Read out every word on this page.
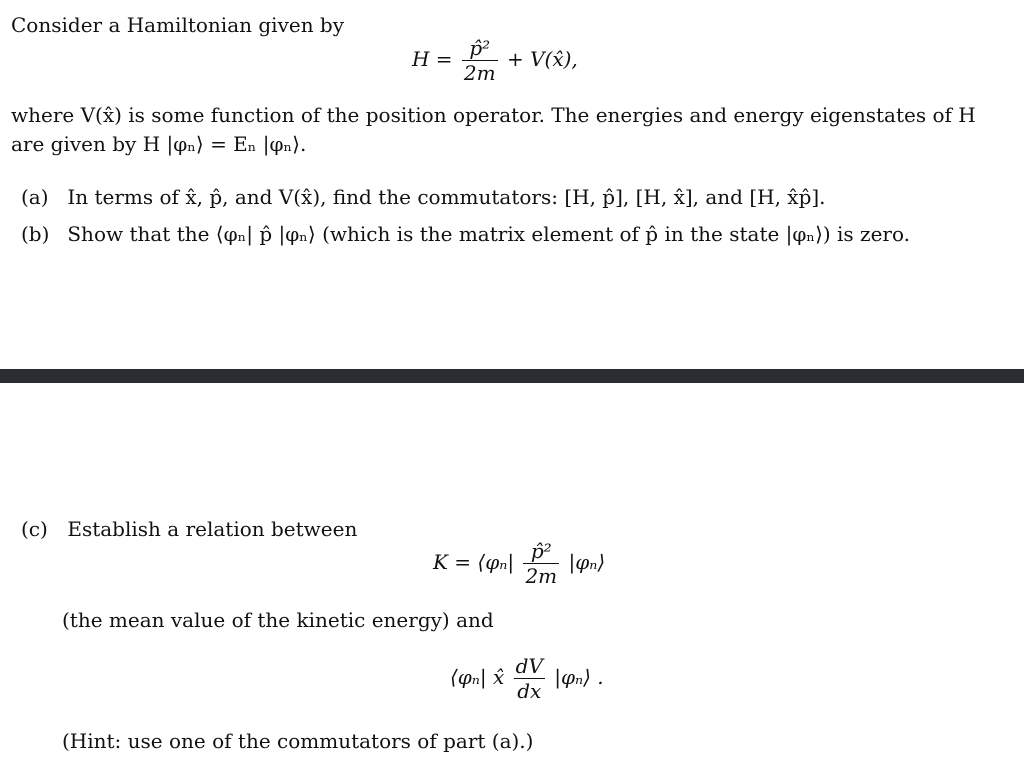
Consider a Hamiltonian given by
$H = \frac{\text{p̂²}}{2m}$ + V(x̂),
where V(x̂) is some function of the position operator. The energies and energy eigenstates of H
are given by H |φₙ⟩ = Eₙ |φₙ⟩.
(a) In terms of x̂, p̂, and V(x̂), find the commutators: [H, p̂], [H, x̂], and [H, x̂p̂].
(b) Show that the ⟨φₙ| p̂ |φₙ⟩ (which is the matrix element of p̂ in the state |φₙ⟩) is zero.
(c) Establish a relation between
K = ⟨φₙ| $\frac{\text{p̂²}}{2m}$ |φₙ⟩
(the mean value of the kinetic energy) and
⟨φₙ| x̂ $\frac{dV}{dx}$ |φₙ⟩ .
(Hint: use one of the commutators of part (a).)
